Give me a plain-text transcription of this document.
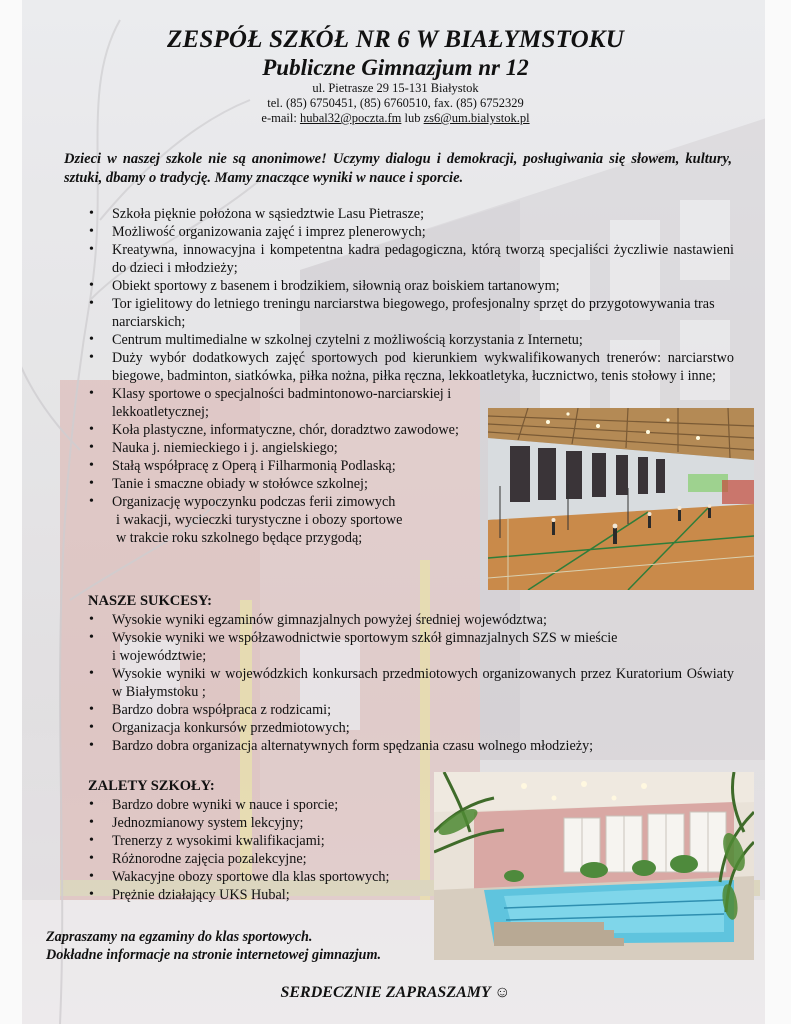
ZESPÓŁ SZKÓŁ NR 6 W BIAŁYMSTOKU
Publiczne Gimnazjum nr 12
ul. Pietrasze 29 15-131 Białystok
tel. (85) 6750451, (85) 6760510, fax. (85) 6752329
e-mail: hubal32@poczta.fm lub zs6@um.bialystok.pl
Dzieci w naszej szkole nie są anonimowe! Uczymy dialogu i demokracji, posługiwania się słowem, kultury, sztuki, dbamy o tradycję. Mamy znaczące wyniki w nauce i sporcie.
• Szkoła pięknie położona w sąsiedztwie Lasu Pietrasze;
• Możliwość organizowania zajęć i imprez plenerowych;
• Kreatywna, innowacyjna i kompetentna kadra pedagogiczna, którą tworzą specjaliści życzliwie nastawieni do dzieci i młodzieży;
• Obiekt sportowy z basenem i brodzikiem, siłownią oraz boiskiem tartanowym;
• Tor igielitowy do letniego treningu narciarstwa biegowego, profesjonalny sprzęt do przygotowywania tras narciarskich;
• Centrum multimedialne w szkolnej czytelni z możliwością korzystania z Internetu;
• Duży wybór dodatkowych zajęć sportowych pod kierunkiem wykwalifikowanych trenerów: narciarstwo biegowe, badminton, siatkówka, piłka nożna, piłka ręczna, lekkoatletyka, łucznictwo, tenis stołowy i inne;
• Klasy sportowe o specjalności badmintonowo-narciarskiej i lekkoatletycznej;
• Koła plastyczne, informatyczne, chór, doradztwo zawodowe;
• Nauka j. niemieckiego i j. angielskiego;
• Stałą współpracę z Operą i Filharmonią Podlaską;
• Tanie i smaczne obiady w stołówce szkolnej;
• Organizację wypoczynku podczas ferii zimowych
i wakacji, wycieczki turystyczne i obozy sportowe
w trakcie roku szkolnego będące przygodą;
NASZE SUKCESY:
• Wysokie wyniki egzaminów gimnazjalnych powyżej średniej województwa;
• Wysokie wyniki we współzawodnictwie sportowym szkół gimnazjalnych SZS w mieście
i województwie;
• Wysokie wyniki w wojewódzkich konkursach przedmiotowych organizowanych przez Kuratorium Oświaty w Białymstoku ;
• Bardzo dobra współpraca z rodzicami;
• Organizacja konkursów przedmiotowych;
• Bardzo dobra organizacja alternatywnych form spędzania czasu wolnego młodzieży;
ZALETY SZKOŁY:
• Bardzo dobre wyniki w nauce i sporcie;
• Jednozmianowy system lekcyjny;
• Trenerzy z wysokimi kwalifikacjami;
• Różnorodne zajęcia pozalekcyjne;
• Wakacyjne obozy sportowe dla klas sportowych;
• Prężnie działający UKS Hubal;
Zapraszamy na egzaminy do klas sportowych.
Dokładne informacje na stronie internetowej gimnazjum.
SERDECZNIE ZAPRASZAMY ☺
